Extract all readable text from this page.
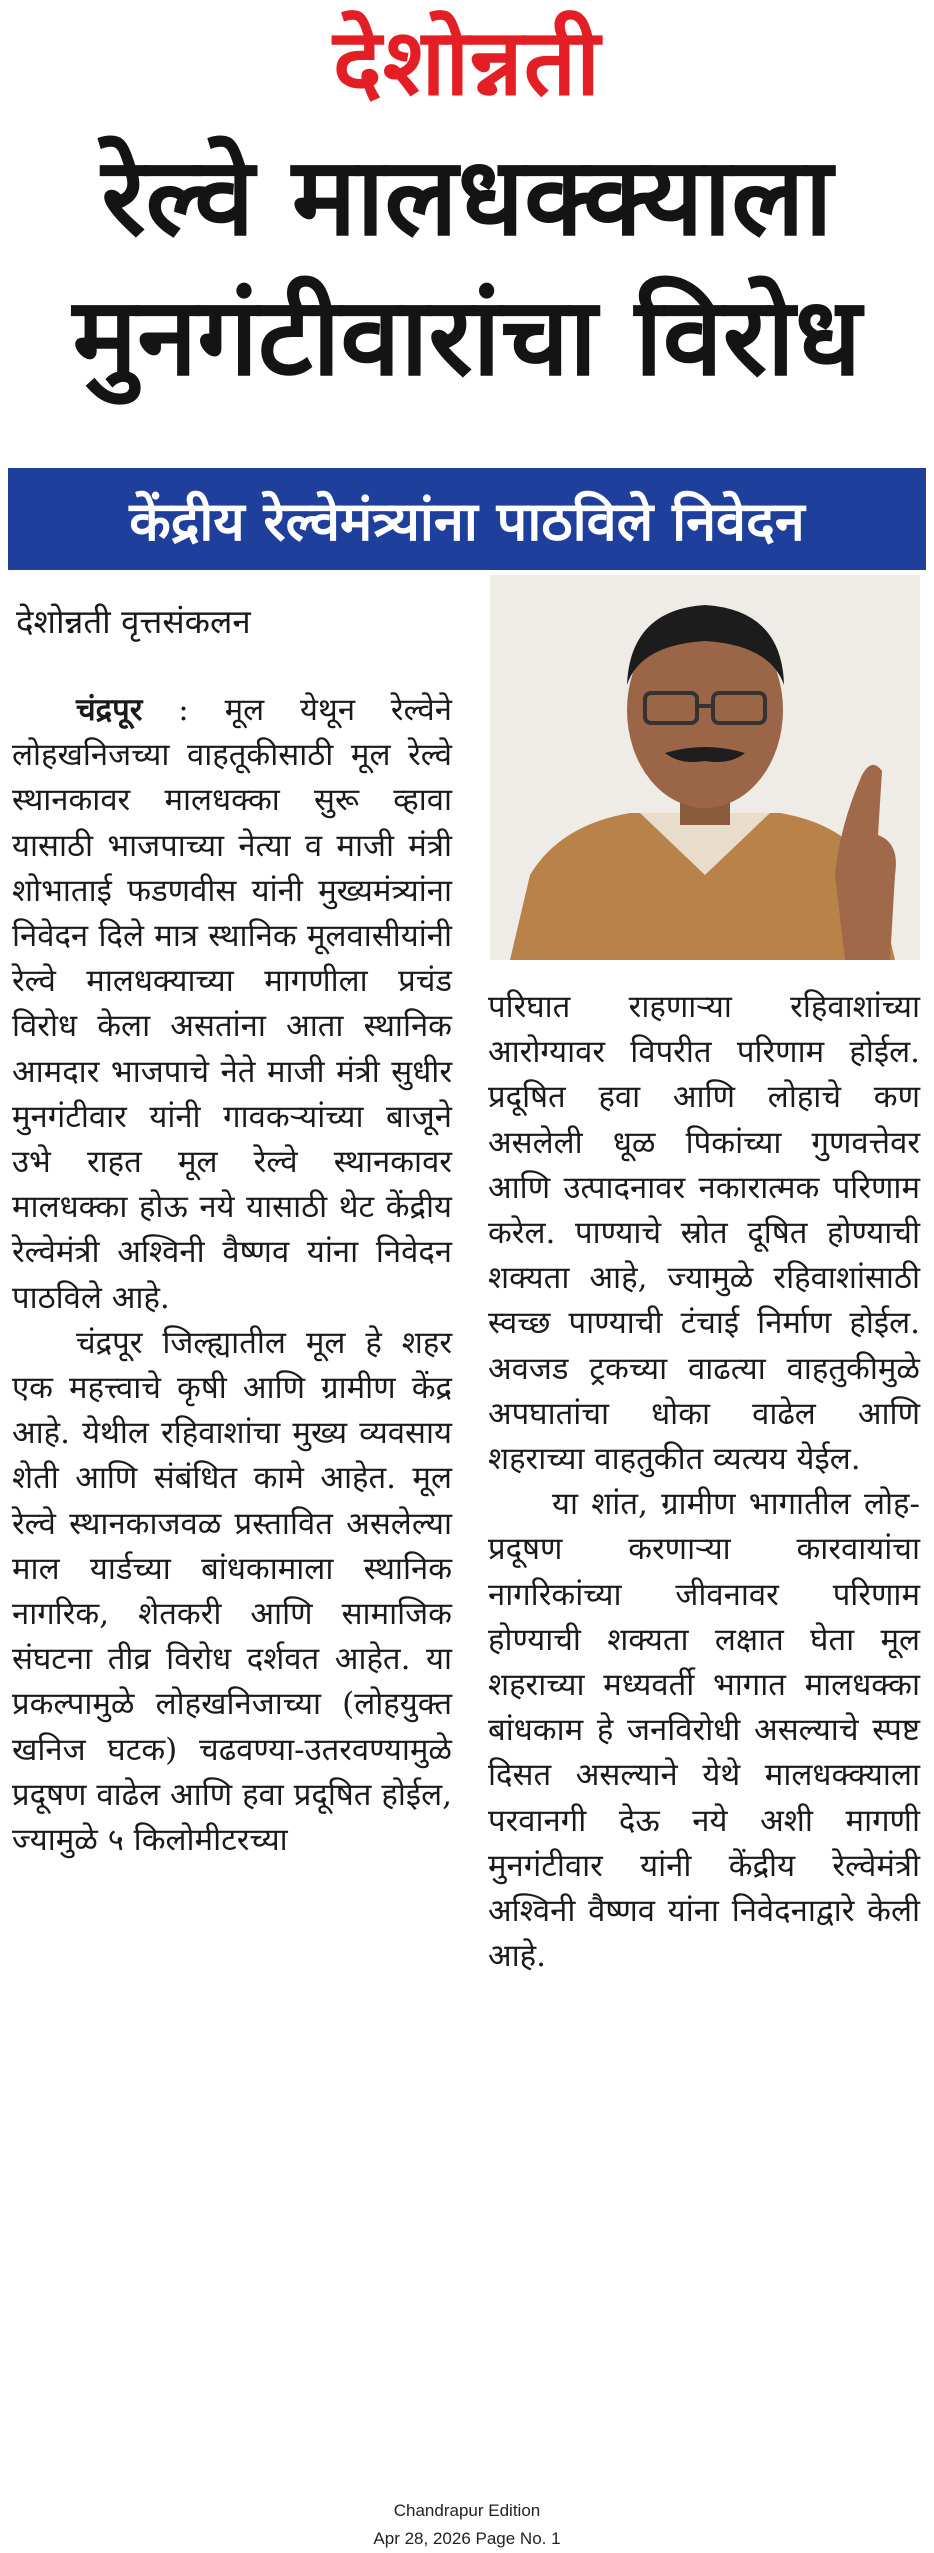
देशोन्नती
रेल्वे मालधक्क्याला
मुनगंटीवारांचा विरोध
केंद्रीय रेल्वेमंत्र्यांना पाठविले निवेदन
देशोन्नती वृत्तसंकलन

चंद्रपूर : मूल येथून रेल्वेने लोहखनिजच्या वाहतूकीसाठी मूल रेल्वे स्थानकावर मालधक्का सुरू व्हावा यासाठी भाजपाच्या नेत्या व माजी मंत्री शोभाताई फडणवीस यांनी मुख्यमंत्र्यांना निवेदन दिले मात्र स्थानिक मूलवासीयांनी रेल्वे मालधक्याच्या मागणीला प्रचंड विरोध केला असतांना आता स्थानिक आमदार भाजपाचे नेते माजी मंत्री सुधीर मुनगंटीवार यांनी गावकऱ्यांच्या बाजूने उभे राहत मूल रेल्वे स्थानकावर मालधक्का होऊ नये यासाठी थेट केंद्रीय रेल्वेमंत्री अश्विनी वैष्णव यांना निवेदन पाठविले आहे.

चंद्रपूर जिल्ह्यातील मूल हे शहर एक महत्त्वाचे कृषी आणि ग्रामीण केंद्र आहे. येथील रहिवाशांचा मुख्य व्यवसाय शेती आणि संबंधित कामे आहेत. मूल रेल्वे स्थानकाजवळ प्रस्तावित असलेल्या माल यार्डच्या बांधकामाला स्थानिक नागरिक, शेतकरी आणि सामाजिक संघटना तीव्र विरोध दर्शवत आहेत. या प्रकल्पामुळे लोहखनिजाच्या (लोहयुक्त खनिज घटक) चढवण्या-उतरवण्यामुळे प्रदूषण वाढेल आणि हवा प्रदूषित होईल, ज्यामुळे ५ किलोमीटरच्या

परिघात राहणाऱ्या रहिवाशांच्या आरोग्यावर विपरीत परिणाम होईल. प्रदूषित हवा आणि लोहाचे कण असलेली धूळ पिकांच्या गुणवत्तेवर आणि उत्पादनावर नकारात्मक परिणाम करेल. पाण्याचे स्रोत दूषित होण्याची शक्यता आहे, ज्यामुळे रहिवाशांसाठी स्वच्छ पाण्याची टंचाई निर्माण होईल. अवजड ट्रकच्या वाढत्या वाहतुकीमुळे अपघातांचा धोका वाढेल आणि शहराच्या वाहतुकीत व्यत्यय येईल.

या शांत, ग्रामीण भागातील लोह-प्रदूषण करणाऱ्या कारवायांचा नागरिकांच्या जीवनावर परिणाम होण्याची शक्यता लक्षात घेता मूल शहराच्या मध्यवर्ती भागात मालधक्का बांधकाम हे जनविरोधी असल्याचे स्पष्ट दिसत असल्याने येथे मालधक्क्याला परवानगी देऊ नये अशी मागणी मुनगंटीवार यांनी केंद्रीय रेल्वेमंत्री अश्विनी वैष्णव यांना निवेदनाद्वारे केली आहे.

Chandrapur Edition
Apr 28, 2026 Page No. 1
